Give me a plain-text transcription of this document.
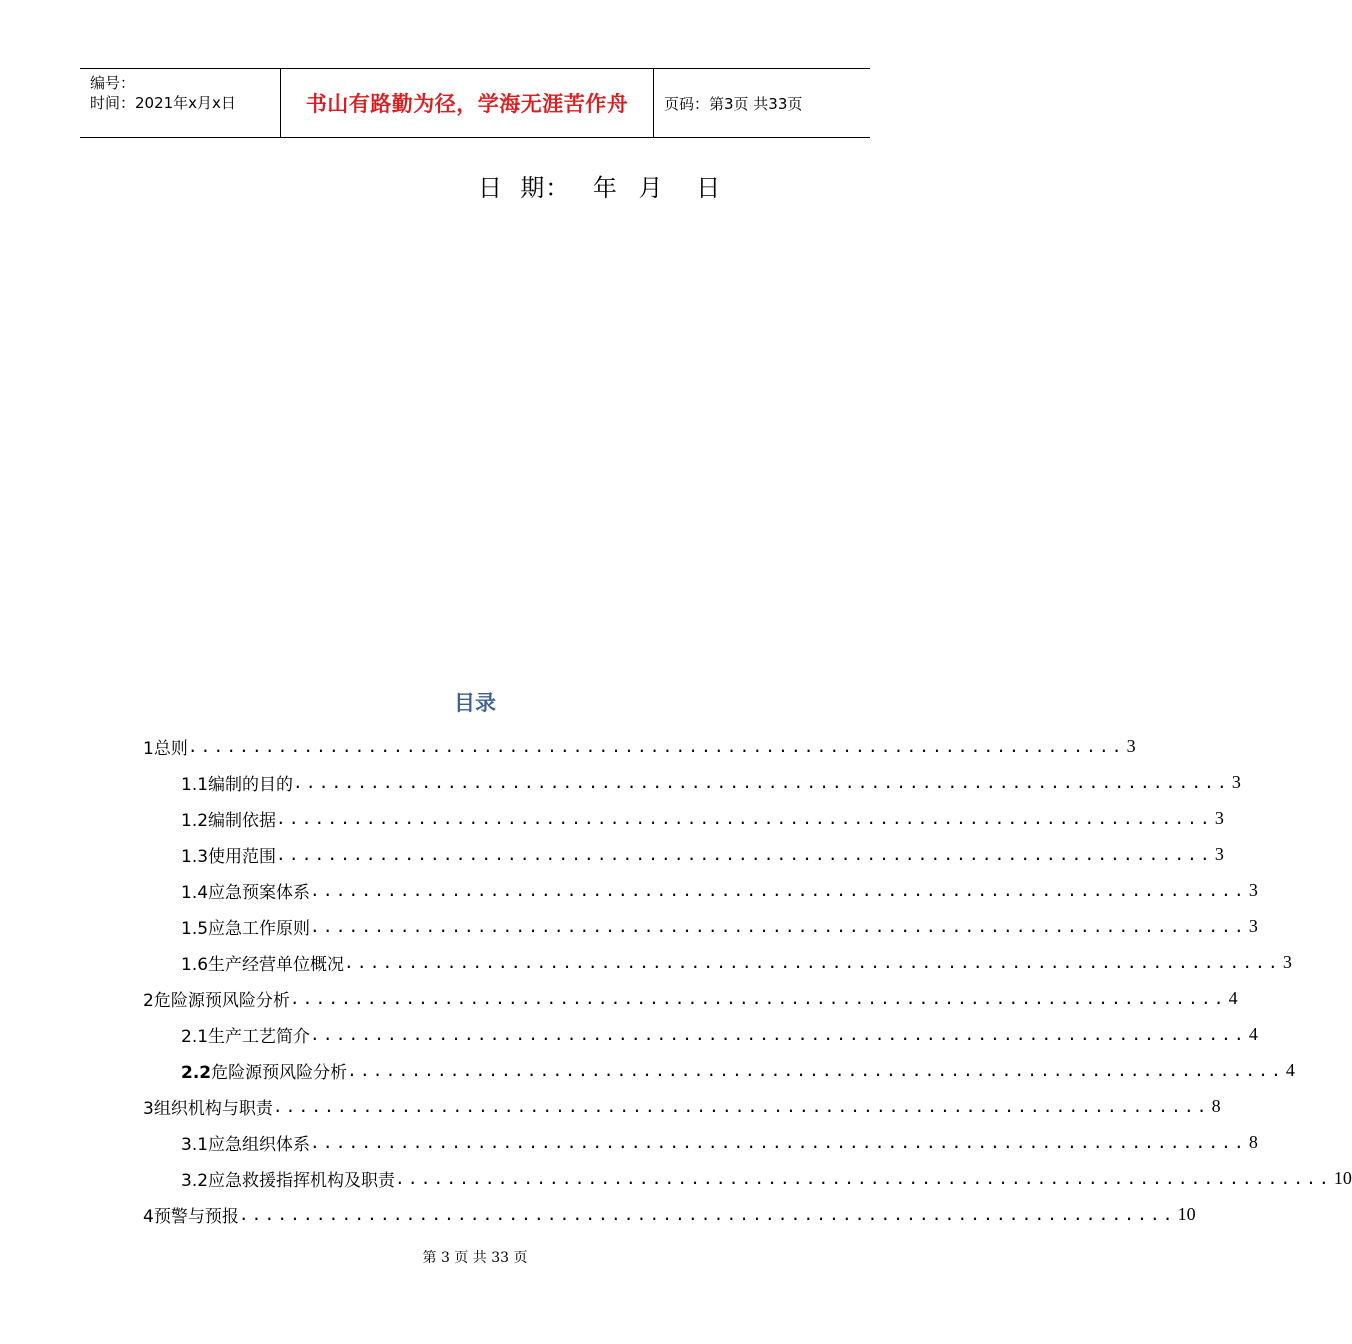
编号：
时间：2021年x月x日	书山有路勤为径，学海无涯苦作舟	页码：第3页 共33页
日  期： 年 月 日
目录
1总则 ......................................................................... 3
1.1编制的目的 ......................................................................... 3
1.2编制依据 ......................................................................... 3
1.3使用范围 ......................................................................... 3
1.4应急预案体系 ......................................................................... 3
1.5应急工作原则 ......................................................................... 3
1.6生产经营单位概况 ......................................................................... 3
2危险源预风险分析 ......................................................................... 4
2.1生产工艺简介 ......................................................................... 4
2.2危险源预风险分析 ......................................................................... 4
3组织机构与职责 ......................................................................... 8
3.1应急组织体系 ......................................................................... 8
3.2应急救援指挥机构及职责 ......................................................................... 10
4预警与预报 ......................................................................... 10
第 3 页 共 33 页
